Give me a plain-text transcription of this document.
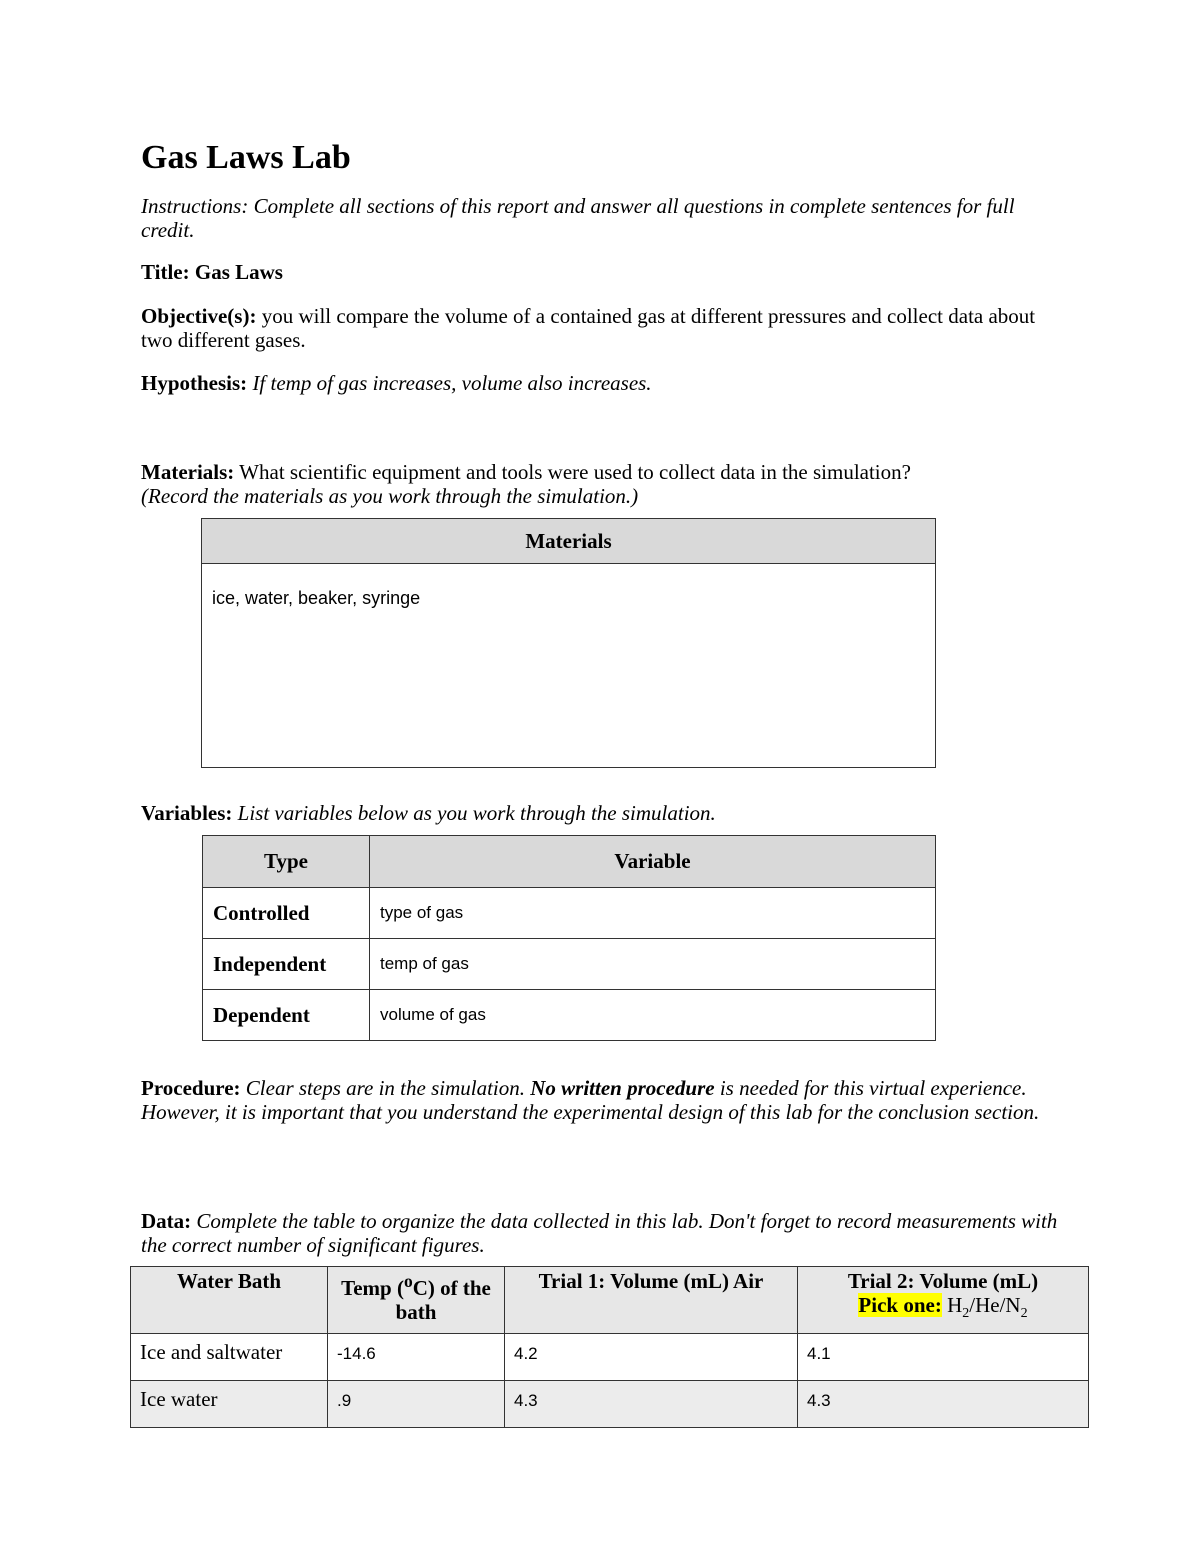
Gas Laws Lab
Instructions: Complete all sections of this report and answer all questions in complete sentences for full credit.
Title: Gas Laws
Objective(s): you will compare the volume of a contained gas at different pressures and collect data about two different gases.
Hypothesis: If temp of gas increases, volume also increases.
Materials: What scientific equipment and tools were used to collect data in the simulation?
(Record the materials as you work through the simulation.)
Materials

ice, water, beaker, syringe
Variables: List variables below as you work through the simulation.
Type	Variable
Controlled	type of gas
Independent	temp of gas
Dependent	volume of gas
Procedure: Clear steps are in the simulation. No written procedure is needed for this virtual experience. However, it is important that you understand the experimental design of this lab for the conclusion section.
Data: Complete the table to organize the data collected in this lab. Don't forget to record measurements with the correct number of significant figures.
Water Bath	Temp ($^o$C) of the bath	Trial 1: Volume (mL) Air	Trial 2: Volume (mL)
Pick one: $H_2/He/N_2$
Ice and saltwater	-14.6	4.2	4.1
Ice water	.9	4.3	4.3
